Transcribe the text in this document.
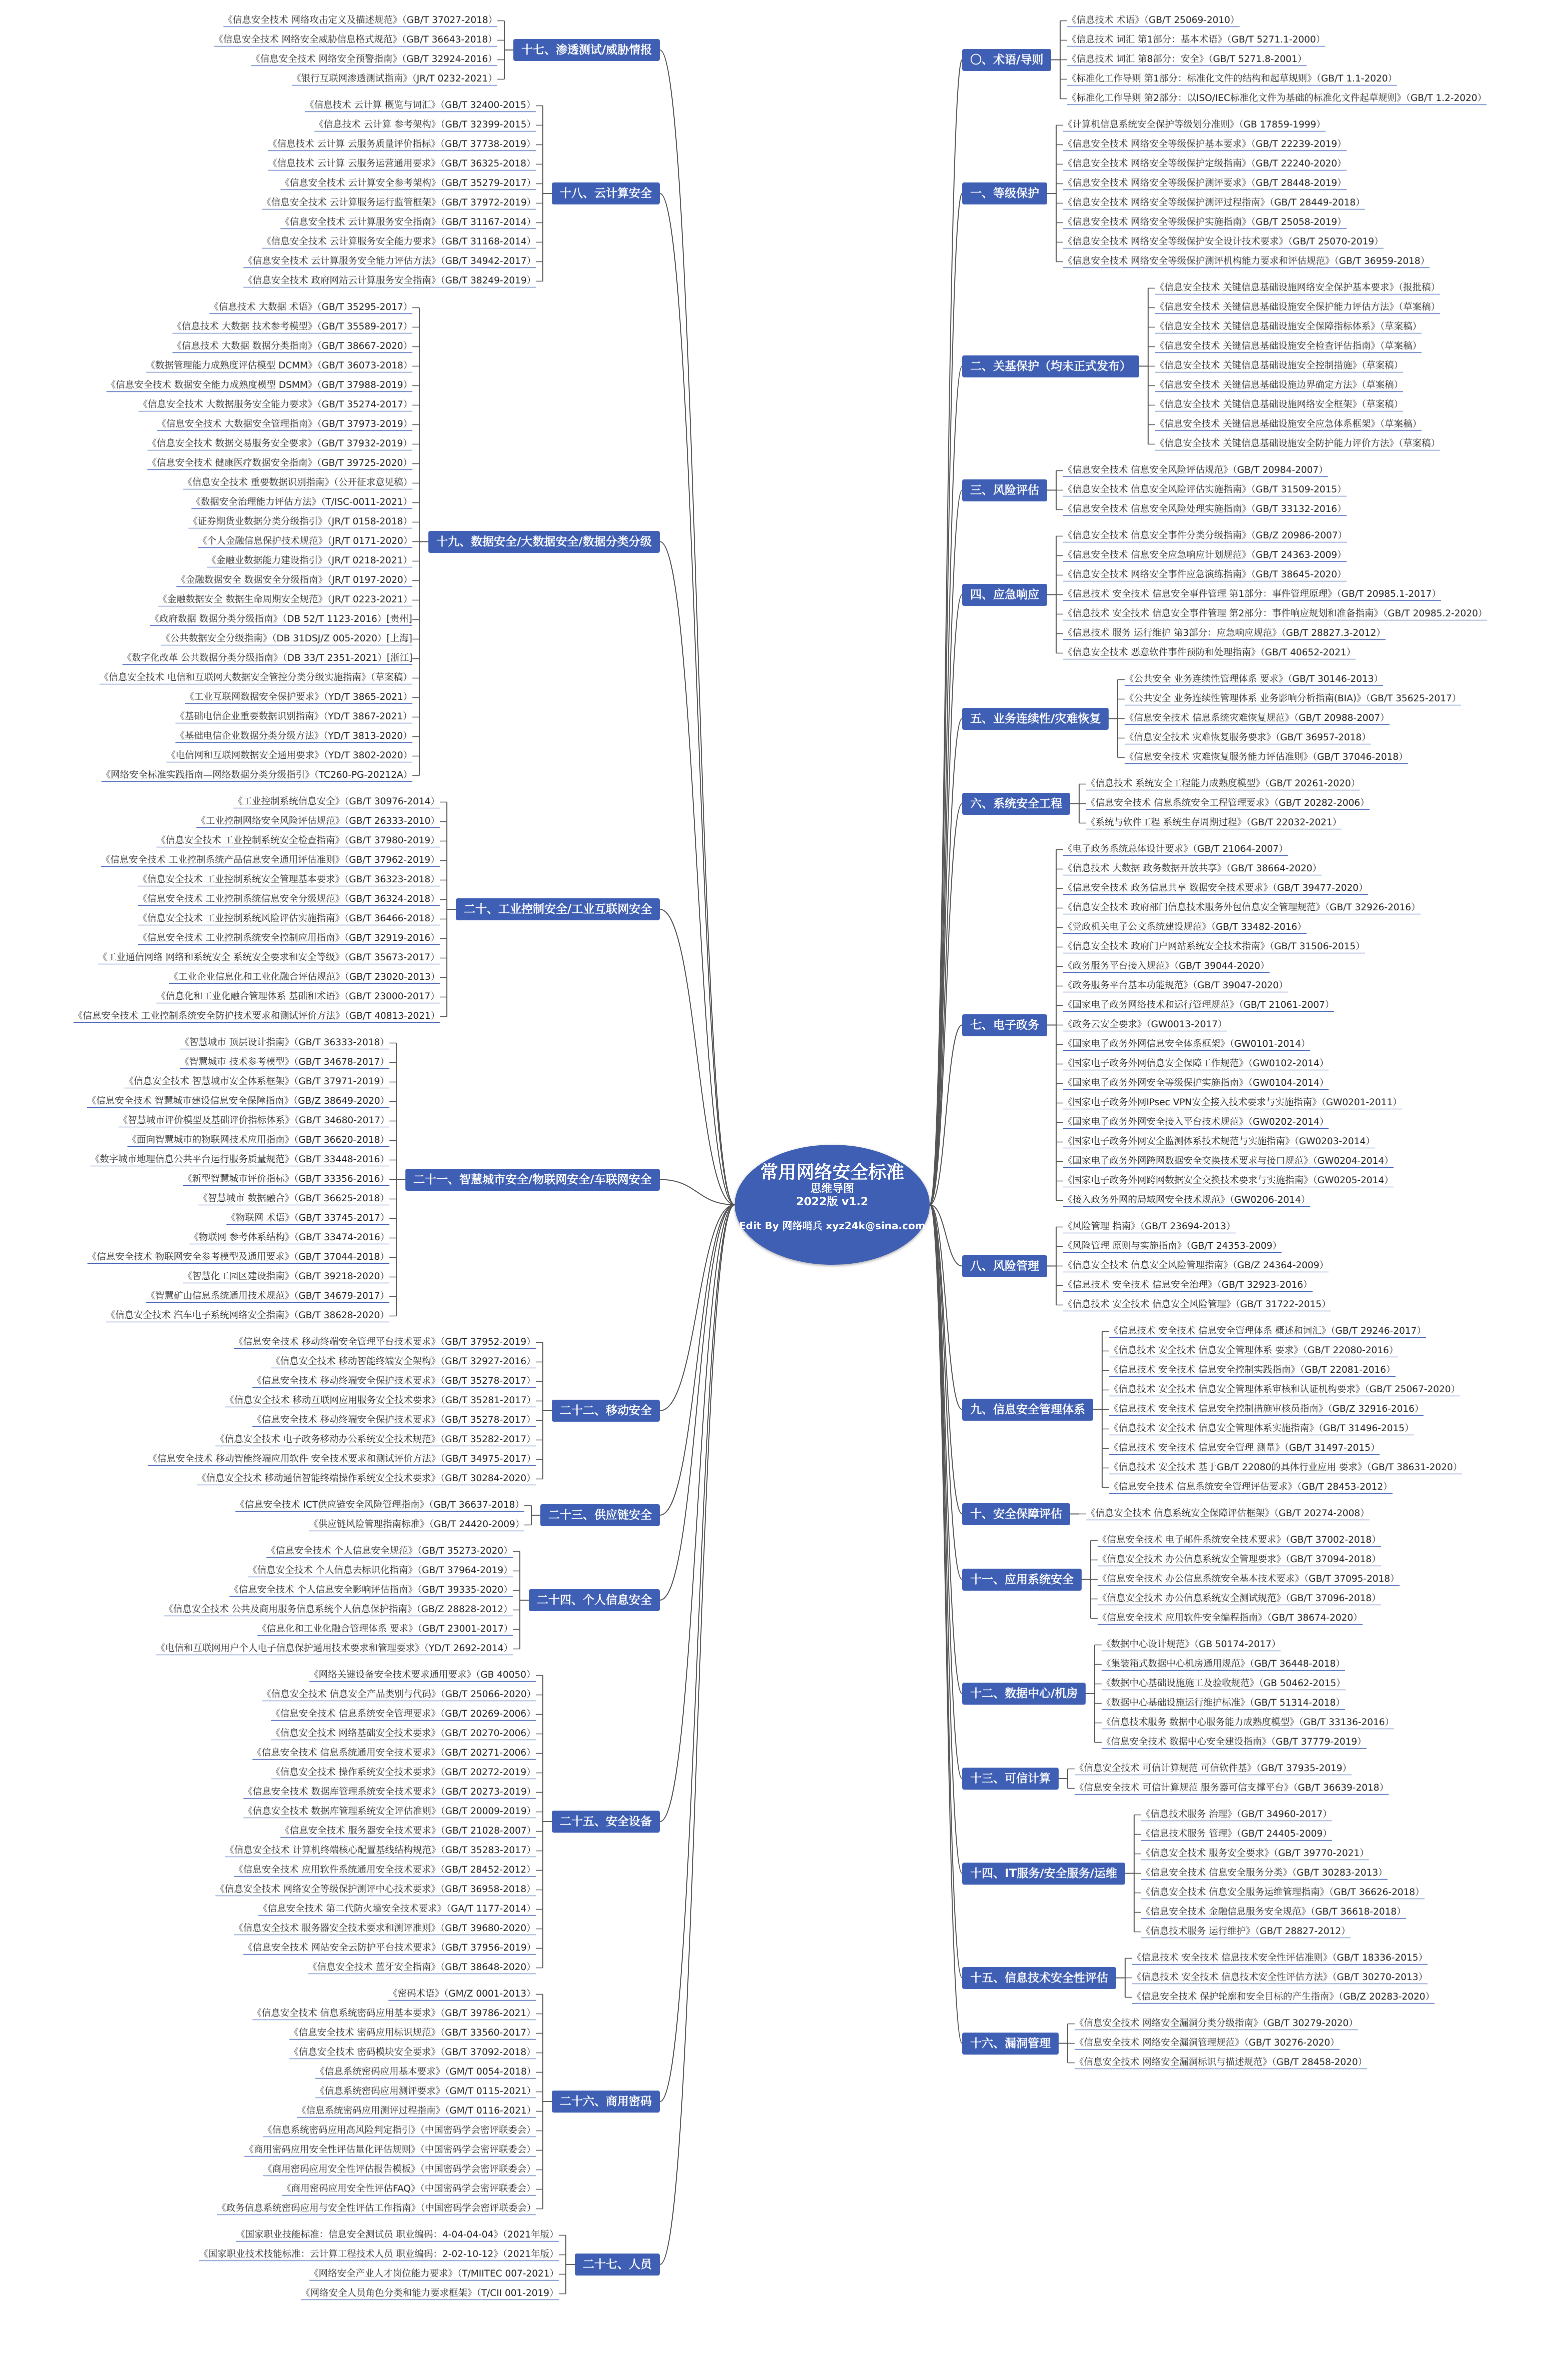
常用网络安全标准
思维导图
2022版 v1.2
Edit By 网络哨兵 xyz24k@sina.com
〇、术语/导则
《信息技术 术语》（GB/T 25069-2010）
《信息技术 词汇 第1部分：基本术语》（GB/T 5271.1-2000）
《信息技术 词汇 第8部分：安全》（GB/T 5271.8-2001）
《标准化工作导则 第1部分：标准化文件的结构和起草规则》（GB/T 1.1-2020）
《标准化工作导则 第2部分：以ISO/IEC标准化文件为基础的标准化文件起草规则》（GB/T 1.2-2020）
一、等级保护
《计算机信息系统安全保护等级划分准则》（GB 17859-1999）
《信息安全技术 网络安全等级保护基本要求》（GB/T 22239-2019）
《信息安全技术 网络安全等级保护定级指南》（GB/T 22240-2020）
《信息安全技术 网络安全等级保护测评要求》（GB/T 28448-2019）
《信息安全技术 网络安全等级保护测评过程指南》（GB/T 28449-2018）
《信息安全技术 网络安全等级保护实施指南》（GB/T 25058-2019）
《信息安全技术 网络安全等级保护安全设计技术要求》（GB/T 25070-2019）
《信息安全技术 网络安全等级保护测评机构能力要求和评估规范》（GB/T 36959-2018）
二、关基保护（均未正式发布）
《信息安全技术 关键信息基础设施网络安全保护基本要求》（报批稿）
《信息安全技术 关键信息基础设施安全保护能力评估方法》（草案稿）
《信息安全技术 关键信息基础设施安全保障指标体系》（草案稿）
《信息安全技术 关键信息基础设施安全检查评估指南》（草案稿）
《信息安全技术 关键信息基础设施安全控制措施》（草案稿）
《信息安全技术 关键信息基础设施边界确定方法》（草案稿）
《信息安全技术 关键信息基础设施网络安全框架》（草案稿）
《信息安全技术 关键信息基础设施安全应急体系框架》（草案稿）
《信息安全技术 关键信息基础设施安全防护能力评价方法》（草案稿）
三、风险评估
《信息安全技术 信息安全风险评估规范》（GB/T 20984-2007）
《信息安全技术 信息安全风险评估实施指南》（GB/T 31509-2015）
《信息安全技术 信息安全风险处理实施指南》（GB/T 33132-2016）
四、应急响应
《信息安全技术 信息安全事件分类分级指南》（GB/Z 20986-2007）
《信息安全技术 信息安全应急响应计划规范》（GB/T 24363-2009）
《信息安全技术 网络安全事件应急演练指南》（GB/T 38645-2020）
《信息技术 安全技术 信息安全事件管理 第1部分：事件管理原理》（GB/T 20985.1-2017）
《信息技术 安全技术 信息安全事件管理 第2部分：事件响应规划和准备指南》（GB/T 20985.2-2020）
《信息技术 服务 运行维护 第3部分：应急响应规范》（GB/T 28827.3-2012）
《信息安全技术 恶意软件事件预防和处理指南》（GB/T 40652-2021）
五、业务连续性/灾难恢复
《公共安全 业务连续性管理体系 要求》（GB/T 30146-2013）
《公共安全 业务连续性管理体系 业务影响分析指南(BIA)》（GB/T 35625-2017）
《信息安全技术 信息系统灾难恢复规范》（GB/T 20988-2007）
《信息安全技术 灾难恢复服务要求》（GB/T 36957-2018）
《信息安全技术 灾难恢复服务能力评估准则》（GB/T 37046-2018）
六、系统安全工程
《信息技术 系统安全工程能力成熟度模型》（GB/T 20261-2020）
《信息安全技术 信息系统安全工程管理要求》（GB/T 20282-2006）
《系统与软件工程 系统生存周期过程》（GB/T 22032-2021）
七、电子政务
《电子政务系统总体设计要求》（GB/T 21064-2007）
《信息技术 大数据 政务数据开放共享》（GB/T 38664-2020）
《信息安全技术 政务信息共享 数据安全技术要求》（GB/T 39477-2020）
《信息安全技术 政府部门信息技术服务外包信息安全管理规范》（GB/T 32926-2016）
《党政机关电子公文系统建设规范》（GB/T 33482-2016）
《信息安全技术 政府门户网站系统安全技术指南》（GB/T 31506-2015）
《政务服务平台接入规范》（GB/T 39044-2020）
《政务服务平台基本功能规范》（GB/T 39047-2020）
《国家电子政务网络技术和运行管理规范》（GB/T 21061-2007）
《政务云安全要求》（GW0013-2017）
《国家电子政务外网信息安全体系框架》（GW0101-2014）
《国家电子政务外网信息安全保障工作规范》（GW0102-2014）
《国家电子政务外网安全等级保护实施指南》（GW0104-2014）
《国家电子政务外网IPsec VPN安全接入技术要求与实施指南》（GW0201-2011）
《国家电子政务外网安全接入平台技术规范》（GW0202-2014）
《国家电子政务外网安全监测体系技术规范与实施指南》（GW0203-2014）
《国家电子政务外网跨网数据安全交换技术要求与接口规范》（GW0204-2014）
《国家电子政务外网跨网数据安全交换技术要求与实施指南》（GW0205-2014）
《接入政务外网的局域网安全技术规范》（GW0206-2014）
八、风险管理
《风险管理 指南》（GB/T 23694-2013）
《风险管理 原则与实施指南》（GB/T 24353-2009）
《信息安全技术 信息安全风险管理指南》（GB/Z 24364-2009）
《信息技术 安全技术 信息安全治理》（GB/T 32923-2016）
《信息技术 安全技术 信息安全风险管理》（GB/T 31722-2015）
九、信息安全管理体系
《信息技术 安全技术 信息安全管理体系 概述和词汇》（GB/T 29246-2017）
《信息技术 安全技术 信息安全管理体系 要求》（GB/T 22080-2016）
《信息技术 安全技术 信息安全控制实践指南》（GB/T 22081-2016）
《信息技术 安全技术 信息安全管理体系审核和认证机构要求》（GB/T 25067-2020）
《信息技术 安全技术 信息安全控制措施审核员指南》（GB/Z 32916-2016）
《信息技术 安全技术 信息安全管理体系实施指南》（GB/T 31496-2015）
《信息技术 安全技术 信息安全管理 测量》（GB/T 31497-2015）
《信息技术 安全技术 基于GB/T 22080的具体行业应用 要求》（GB/T 38631-2020）
《信息安全技术 信息系统安全管理评估要求》（GB/T 28453-2012）
十、安全保障评估	《信息安全技术 信息系统安全保障评估框架》（GB/T 20274-2008）
十一、应用系统安全
《信息安全技术 电子邮件系统安全技术要求》（GB/T 37002-2018）
《信息安全技术 办公信息系统安全管理要求》（GB/T 37094-2018）
《信息安全技术 办公信息系统安全基本技术要求》（GB/T 37095-2018）
《信息安全技术 办公信息系统安全测试规范》（GB/T 37096-2018）
《信息安全技术 应用软件安全编程指南》（GB/T 38674-2020）
十二、数据中心/机房
《数据中心设计规范》（GB 50174-2017）
《集装箱式数据中心机房通用规范》（GB/T 36448-2018）
《数据中心基础设施施工及验收规范》（GB 50462-2015）
《数据中心基础设施运行维护标准》（GB/T 51314-2018）
《信息技术服务 数据中心服务能力成熟度模型》（GB/T 33136-2016）
《信息安全技术 数据中心安全建设指南》（GB/T 37779-2019）
十三、可信计算
《信息安全技术 可信计算规范 可信软件基》（GB/T 37935-2019）
《信息安全技术 可信计算规范 服务器可信支撑平台》（GB/T 36639-2018）
十四、IT服务/安全服务/运维
《信息技术服务 治理》（GB/T 34960-2017）
《信息技术服务 管理》（GB/T 24405-2009）
《信息安全技术 服务安全要求》（GB/T 39770-2021）
《信息安全技术 信息安全服务分类》（GB/T 30283-2013）
《信息安全技术 信息安全服务运维管理指南》（GB/T 36626-2018）
《信息安全技术 金融信息服务安全规范》（GB/T 36618-2018）
《信息技术服务 运行维护》（GB/T 28827-2012）
十五、信息技术安全性评估
《信息技术 安全技术 信息技术安全性评估准则》（GB/T 18336-2015）
《信息技术 安全技术 信息技术安全性评估方法》（GB/T 30270-2013）
《信息安全技术 保护轮廓和安全目标的产生指南》（GB/Z 20283-2020）
十六、漏洞管理
《信息安全技术 网络安全漏洞分类分级指南》（GB/T 30279-2020）
《信息安全技术 网络安全漏洞管理规范》（GB/T 30276-2020）
《信息安全技术 网络安全漏洞标识与描述规范》（GB/T 28458-2020）
十七、渗透测试/威胁情报
《信息安全技术 网络攻击定义及描述规范》（GB/T 37027-2018）
《信息安全技术 网络安全威胁信息格式规范》（GB/T 36643-2018）
《信息安全技术 网络安全预警指南》（GB/T 32924-2016）
《银行互联网渗透测试指南》（JR/T 0232-2021）
十八、云计算安全
《信息技术 云计算 概览与词汇》（GB/T 32400-2015）
《信息技术 云计算 参考架构》（GB/T 32399-2015）
《信息技术 云计算 云服务质量评价指标》（GB/T 37738-2019）
《信息技术 云计算 云服务运营通用要求》（GB/T 36325-2018）
《信息安全技术 云计算安全参考架构》（GB/T 35279-2017）
《信息安全技术 云计算服务运行监管框架》（GB/T 37972-2019）
《信息安全技术 云计算服务安全指南》（GB/T 31167-2014）
《信息安全技术 云计算服务安全能力要求》（GB/T 31168-2014）
《信息安全技术 云计算服务安全能力评估方法》（GB/T 34942-2017）
《信息安全技术 政府网站云计算服务安全指南》（GB/T 38249-2019）
十九、数据安全/大数据安全/数据分类分级
《信息技术 大数据 术语》（GB/T 35295-2017）
《信息技术 大数据 技术参考模型》（GB/T 35589-2017）
《信息技术 大数据 数据分类指南》（GB/T 38667-2020）
《数据管理能力成熟度评估模型 DCMM》（GB/T 36073-2018）
《信息安全技术 数据安全能力成熟度模型 DSMM》（GB/T 37988-2019）
《信息安全技术 大数据服务安全能力要求》（GB/T 35274-2017）
《信息安全技术 大数据安全管理指南》（GB/T 37973-2019）
《信息安全技术 数据交易服务安全要求》（GB/T 37932-2019）
《信息安全技术 健康医疗数据安全指南》（GB/T 39725-2020）
《信息安全技术 重要数据识别指南》（公开征求意见稿）
《数据安全治理能力评估方法》（T/ISC-0011-2021）
《证券期货业数据分类分级指引》（JR/T 0158-2018）
《个人金融信息保护技术规范》（JR/T 0171-2020）
《金融业数据能力建设指引》（JR/T 0218-2021）
《金融数据安全 数据安全分级指南》（JR/T 0197-2020）
《金融数据安全 数据生命周期安全规范》（JR/T 0223-2021）
《政府数据 数据分类分级指南》（DB 52/T 1123-2016）[贵州]
《公共数据安全分级指南》（DB 31DSJ/Z 005-2020）[上海]
《数字化改革 公共数据分类分级指南》（DB 33/T 2351-2021）[浙江]
《信息安全技术 电信和互联网大数据安全管控分类分级实施指南》（草案稿）
《工业互联网数据安全保护要求》（YD/T 3865-2021）
《基础电信企业重要数据识别指南》（YD/T 3867-2021）
《基础电信企业数据分类分级方法》（YD/T 3813-2020）
《电信网和互联网数据安全通用要求》（YD/T 3802-2020）
《网络安全标准实践指南—网络数据分类分级指引》（TC260-PG-20212A）
二十、工业控制安全/工业互联网安全
《工业控制系统信息安全》（GB/T 30976-2014）
《工业控制网络安全风险评估规范》（GB/T 26333-2010）
《信息安全技术 工业控制系统安全检查指南》（GB/T 37980-2019）
《信息安全技术 工业控制系统产品信息安全通用评估准则》（GB/T 37962-2019）
《信息安全技术 工业控制系统安全管理基本要求》（GB/T 36323-2018）
《信息安全技术 工业控制系统信息安全分级规范》（GB/T 36324-2018）
《信息安全技术 工业控制系统风险评估实施指南》（GB/T 36466-2018）
《信息安全技术 工业控制系统安全控制应用指南》（GB/T 32919-2016）
《工业通信网络 网络和系统安全 系统安全要求和安全等级》（GB/T 35673-2017）
《工业企业信息化和工业化融合评估规范》（GB/T 23020-2013）
《信息化和工业化融合管理体系 基础和术语》（GB/T 23000-2017）
《信息安全技术 工业控制系统安全防护技术要求和测试评价方法》（GB/T 40813-2021）
二十一、智慧城市安全/物联网安全/车联网安全
《智慧城市 顶层设计指南》（GB/T 36333-2018）
《智慧城市 技术参考模型》（GB/T 34678-2017）
《信息安全技术 智慧城市安全体系框架》（GB/T 37971-2019）
《信息安全技术 智慧城市建设信息安全保障指南》（GB/Z 38649-2020）
《智慧城市评价模型及基础评价指标体系》（GB/T 34680-2017）
《面向智慧城市的物联网技术应用指南》（GB/T 36620-2018）
《数字城市地理信息公共平台运行服务质量规范》（GB/T 33448-2016）
《新型智慧城市评价指标》（GB/T 33356-2016）
《智慧城市 数据融合》（GB/T 36625-2018）
《物联网 术语》（GB/T 33745-2017）
《物联网 参考体系结构》（GB/T 33474-2016）
《信息安全技术 物联网安全参考模型及通用要求》（GB/T 37044-2018）
《智慧化工园区建设指南》（GB/T 39218-2020）
《智慧矿山信息系统通用技术规范》（GB/T 34679-2017）
《信息安全技术 汽车电子系统网络安全指南》（GB/T 38628-2020）
二十二、移动安全
《信息安全技术 移动终端安全管理平台技术要求》（GB/T 37952-2019）
《信息安全技术 移动智能终端安全架构》（GB/T 32927-2016）
《信息安全技术 移动终端安全保护技术要求》（GB/T 35278-2017）
《信息安全技术 移动互联网应用服务安全技术要求》（GB/T 35281-2017）
《信息安全技术 移动终端安全保护技术要求》（GB/T 35278-2017）
《信息安全技术 电子政务移动办公系统安全技术规范》（GB/T 35282-2017）
《信息安全技术 移动智能终端应用软件 安全技术要求和测试评价方法》（GB/T 34975-2017）
《信息安全技术 移动通信智能终端操作系统安全技术要求》（GB/T 30284-2020）
二十三、供应链安全
《信息安全技术 ICT供应链安全风险管理指南》（GB/T 36637-2018）
《供应链风险管理指南标准》（GB/T 24420-2009）
二十四、个人信息安全
《信息安全技术 个人信息安全规范》（GB/T 35273-2020）
《信息安全技术 个人信息去标识化指南》（GB/T 37964-2019）
《信息安全技术 个人信息安全影响评估指南》（GB/T 39335-2020）
《信息安全技术 公共及商用服务信息系统个人信息保护指南》（GB/Z 28828-2012）
《信息化和工业化融合管理体系 要求》（GB/T 23001-2017）
《电信和互联网用户个人电子信息保护通用技术要求和管理要求》（YD/T 2692-2014）
二十五、安全设备
《网络关键设备安全技术要求通用要求》（GB 40050）
《信息安全技术 信息安全产品类别与代码》（GB/T 25066-2020）
《信息安全技术 信息系统安全管理要求》（GB/T 20269-2006）
《信息安全技术 网络基础安全技术要求》（GB/T 20270-2006）
《信息安全技术 信息系统通用安全技术要求》（GB/T 20271-2006）
《信息安全技术 操作系统安全技术要求》（GB/T 20272-2019）
《信息安全技术 数据库管理系统安全技术要求》（GB/T 20273-2019）
《信息安全技术 数据库管理系统安全评估准则》（GB/T 20009-2019）
《信息安全技术 服务器安全技术要求》（GB/T 21028-2007）
《信息安全技术 计算机终端核心配置基线结构规范》（GB/T 35283-2017）
《信息安全技术 应用软件系统通用安全技术要求》（GB/T 28452-2012）
《信息安全技术 网络安全等级保护测评中心技术要求》（GB/T 36958-2018）
《信息安全技术 第二代防火墙安全技术要求》（GA/T 1177-2014）
《信息安全技术 服务器安全技术要求和测评准则》（GB/T 39680-2020）
《信息安全技术 网站安全云防护平台技术要求》（GB/T 37956-2019）
《信息安全技术 蓝牙安全指南》（GB/T 38648-2020）
二十六、商用密码
《密码术语》（GM/Z 0001-2013）
《信息安全技术 信息系统密码应用基本要求》（GB/T 39786-2021）
《信息安全技术 密码应用标识规范》（GB/T 33560-2017）
《信息安全技术 密码模块安全要求》（GB/T 37092-2018）
《信息系统密码应用基本要求》（GM/T 0054-2018）
《信息系统密码应用测评要求》（GM/T 0115-2021）
《信息系统密码应用测评过程指南》（GM/T 0116-2021）
《信息系统密码应用高风险判定指引》（中国密码学会密评联委会）
《商用密码应用安全性评估量化评估规则》（中国密码学会密评联委会）
《商用密码应用安全性评估报告模板》（中国密码学会密评联委会）
《商用密码应用安全性评估FAQ》（中国密码学会密评联委会）
《政务信息系统密码应用与安全性评估工作指南》（中国密码学会密评联委会）
二十七、人员
《国家职业技能标准：信息安全测试员 职业编码：4-04-04-04》（2021年版）
《国家职业技术技能标准：云计算工程技术人员 职业编码：2-02-10-12》（2021年版）
《网络安全产业人才岗位能力要求》（T/MIITEC 007-2021）
《网络安全人员角色分类和能力要求框架》（T/CII 001-2019）
